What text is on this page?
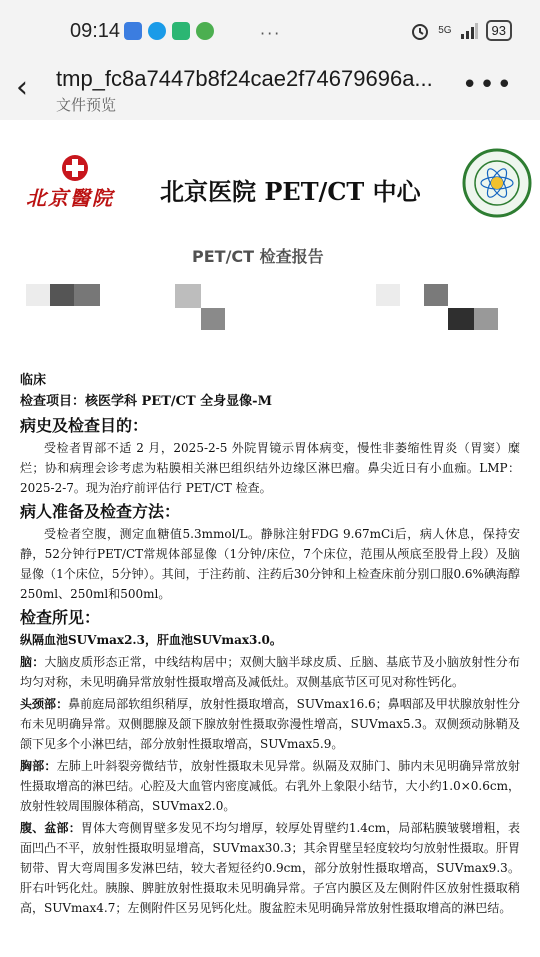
09:14	···	5G	93
‹ tmp_fc8a7447b8f24cae2f74679696a...
文件预览
•••
北京醫院 北京医院 PET/CT 中心
PET/CT 检查报告
临床
检查项目：核医学科 PET/CT 全身显像-M
病史及检查目的：
受检者胃部不适 2 月，2025-2-5 外院胃镜示胃体病变，慢性非萎缩性胃炎（胃窦）糜烂；协和病理会诊考虑为粘膜相关淋巴组织结外边缘区淋巴瘤。鼻尖近日有小血痂。LMP：2025-2-7。现为治疗前评估行 PET/CT 检查。
病人准备及检查方法：
受检者空腹，测定血糖值5.3mmol/L。静脉注射FDG 9.67mCi后，病人休息，保持安静，52分钟行PET/CT常规体部显像（1分钟/床位，7个床位，范围从颅底至股骨上段）及脑显像（1个床位，5分钟）。其间，于注药前、注药后30分钟和上检查床前分别口服0.6%碘海醇250ml、250ml和500ml。
检查所见：
纵隔血池SUVmax2.3，肝血池SUVmax3.0。
脑：大脑皮质形态正常，中线结构居中；双侧大脑半球皮质、丘脑、基底节及小脑放射性分布均匀对称，未见明确异常放射性摄取增高及减低灶。双侧基底节区可见对称性钙化。
头颈部：鼻前庭局部软组织稍厚，放射性摄取增高，SUVmax16.6；鼻咽部及甲状腺放射性分布未见明确异常。双侧腮腺及颌下腺放射性摄取弥漫性增高，SUVmax5.3。双侧颈动脉鞘及颌下见多个小淋巴结，部分放射性摄取增高，SUVmax5.9。
胸部：左肺上叶斜裂旁微结节，放射性摄取未见异常。纵隔及双肺门、肺内未见明确异常放射性摄取增高的淋巴结。心腔及大血管内密度减低。右乳外上象限小结节，大小约1.0×0.6cm，放射性较周围腺体稍高，SUVmax2.0。
腹、盆部：胃体大弯侧胃壁多发见不均匀增厚，较厚处胃壁约1.4cm，局部粘膜皱襞增粗，表面凹凸不平，放射性摄取明显增高，SUVmax30.3；其余胃壁呈轻度较均匀放射性摄取。肝胃韧带、胃大弯周围多发淋巴结，较大者短径约0.9cm，部分放射性摄取增高，SUVmax9.3。肝右叶钙化灶。胰腺、脾脏放射性摄取未见明确异常。子宫内膜区及左侧附件区放射性摄取稍高，SUVmax4.7；左侧附件区另见钙化灶。腹盆腔未见明确异常放射性摄取增高的淋巴结。
